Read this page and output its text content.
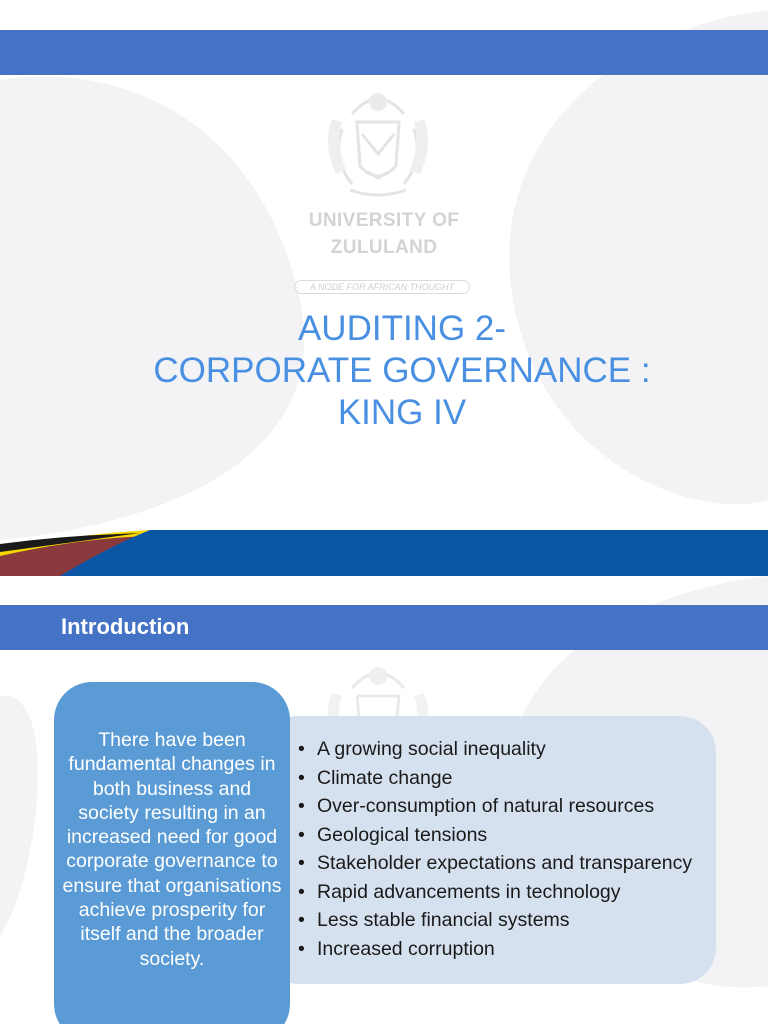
UNIVERSITY OF ZULULAND
A NODE FOR AFRICAN THOUGHT
AUDITING 2-
CORPORATE GOVERNANCE :
KING IV
Introduction
• A growing social inequality
• Climate change
• Over-consumption of natural resources
• Geological tensions
• Stakeholder expectations and transparency
• Rapid advancements in technology
• Less stable financial systems
• Increased corruption
There have been fundamental changes in both business and society resulting in an increased need for good corporate governance to ensure that organisations achieve prosperity for itself and the broader society.
